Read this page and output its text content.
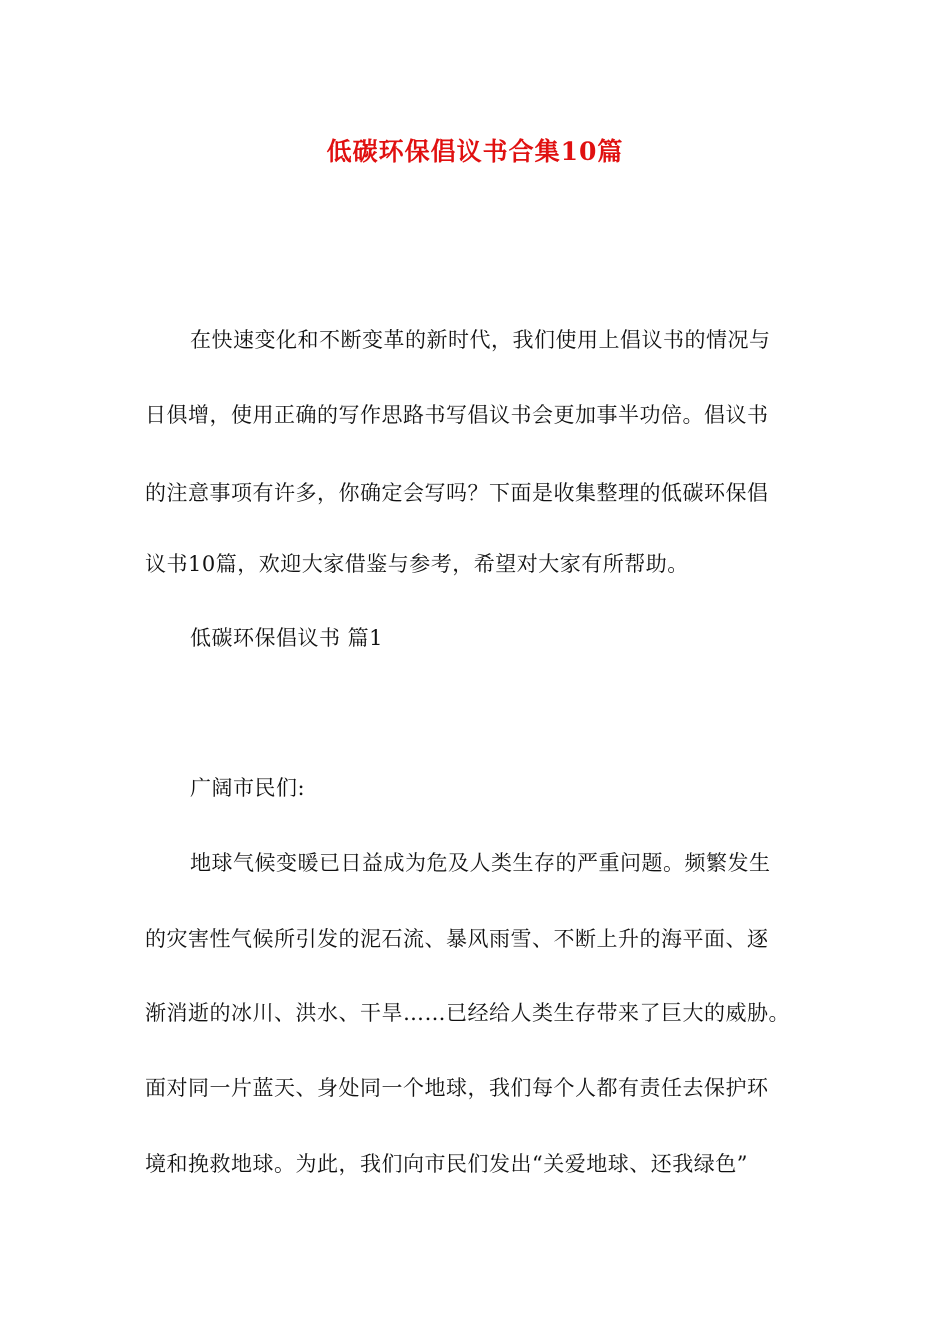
低碳环保倡议书合集10篇
在快速变化和不断变革的新时代，我们使用上倡议书的情况与
日俱增，使用正确的写作思路书写倡议书会更加事半功倍。倡议书
的注意事项有许多，你确定会写吗？下面是收集整理的低碳环保倡
议书10篇，欢迎大家借鉴与参考，希望对大家有所帮助。
低碳环保倡议书 篇1
广阔市民们:
地球气候变暖已日益成为危及人类生存的严重问题。频繁发生
的灾害性气候所引发的泥石流、暴风雨雪、不断上升的海平面、逐
渐消逝的冰川、洪水、干旱……已经给人类生存带来了巨大的威胁。
面对同一片蓝天、身处同一个地球，我们每个人都有责任去保护环
境和挽救地球。为此，我们向市民们发出“关爱地球、还我绿色”
